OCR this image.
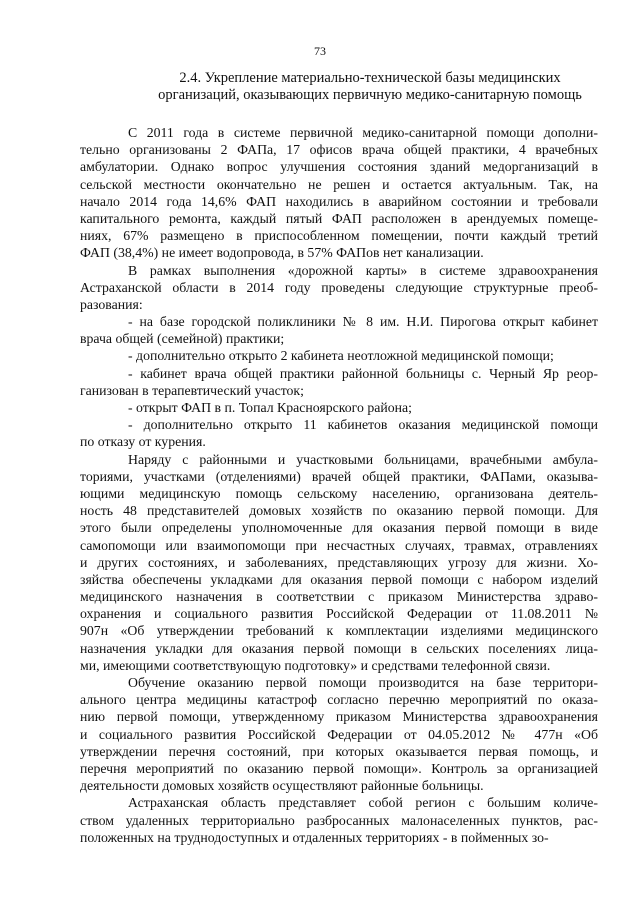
73
2.4. Укрепление материально-технической базы медицинских
организаций, оказывающих первичную медико-санитарную помощь
С 2011 года в системе первичной медико-санитарной помощи дополни-
тельно организованы 2 ФАПа, 17 офисов врача общей практики, 4 врачебных
амбулатории. Однако вопрос улучшения состояния зданий медорганизаций в
сельской местности окончательно не решен и остается актуальным. Так, на
начало 2014 года 14,6% ФАП находились в аварийном состоянии и требовали
капитального ремонта, каждый пятый ФАП расположен в арендуемых помеще-
ниях, 67% размещено в приспособленном помещении, почти каждый третий
ФАП (38,4%) не имеет водопровода, в 57% ФАПов нет канализации.
В рамках выполнения «дорожной карты» в системе здравоохранения
Астраханской области в 2014 году проведены следующие структурные преоб-
разования:
- на базе городской поликлиники № 8 им. Н.И. Пирогова открыт кабинет
врача общей (семейной) практики;
- дополнительно открыто 2 кабинета неотложной медицинской помощи;
- кабинет врача общей практики районной больницы с. Черный Яр реор-
ганизован в терапевтический участок;
- открыт ФАП в п. Топал Красноярского района;
- дополнительно открыто 11 кабинетов оказания медицинской помощи
по отказу от курения.
Наряду с районными и участковыми больницами, врачебными амбула-
ториями, участками (отделениями) врачей общей практики, ФАПами, оказыва-
ющими медицинскую помощь сельскому населению, организована деятель-
ность 48 представителей домовых хозяйств по оказанию первой помощи. Для
этого были определены уполномоченные для оказания первой помощи в виде
самопомощи или взаимопомощи при несчастных случаях, травмах, отравлениях
и других состояниях, и заболеваниях, представляющих угрозу для жизни. Хо-
зяйства обеспечены укладками для оказания первой помощи с набором изделий
медицинского назначения в соответствии с приказом Министерства здраво-
охранения и социального развития Российской Федерации от 11.08.2011 №
907н «Об утверждении требований к комплектации изделиями медицинского
назначения укладки для оказания первой помощи в сельских поселениях лица-
ми, имеющими соответствующую подготовку» и средствами телефонной связи.
Обучение оказанию первой помощи производится на базе территори-
ального центра медицины катастроф согласно перечню мероприятий по оказа-
нию первой помощи, утвержденному приказом Министерства здравоохранения
и социального развития Российской Федерации от 04.05.2012 № 477н «Об
утверждении перечня состояний, при которых оказывается первая помощь, и
перечня мероприятий по оказанию первой помощи». Контроль за организацией
деятельности домовых хозяйств осуществляют районные больницы.
Астраханская область представляет собой регион с большим количе-
ством удаленных территориально разбросанных малонаселенных пунктов, рас-
положенных на труднодоступных и отдаленных территориях - в пойменных зо-
